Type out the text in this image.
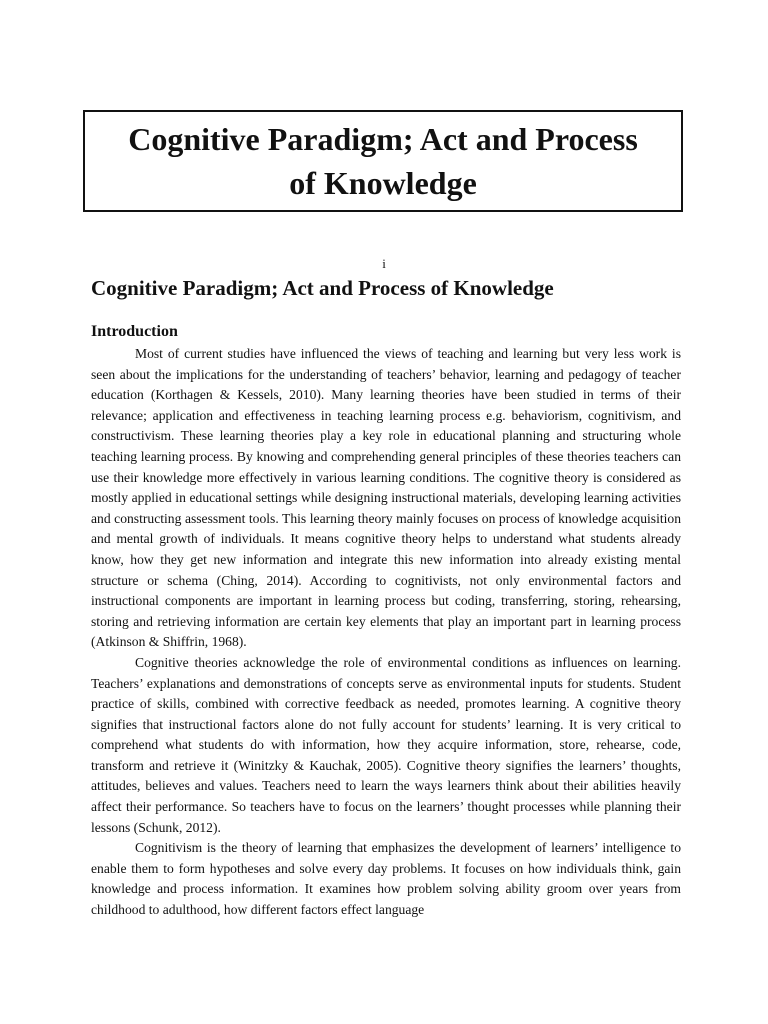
Cognitive Paradigm; Act and Process
of Knowledge
i
Cognitive Paradigm; Act and Process of Knowledge
Introduction

Most of current studies have influenced the views of teaching and learning but very less work is seen about the implications for the understanding of teachers’ behavior, learning and pedagogy of teacher education (Korthagen & Kessels, 2010). Many learning theories have been studied in terms of their relevance; application and effectiveness in teaching learning process e.g. behaviorism, cognitivism, and constructivism. These learning theories play a key role in educational planning and structuring whole teaching learning process. By knowing and comprehending general principles of these theories teachers can use their knowledge more effectively in various learning conditions. The cognitive theory is considered as mostly applied in educational settings while designing instructional materials, developing learning activities and constructing assessment tools. This learning theory mainly focuses on process of knowledge acquisition and mental growth of individuals. It means cognitive theory helps to understand what students already know, how they get new information and integrate this new information into already existing mental structure or schema (Ching, 2014). According to cognitivists, not only environmental factors and instructional components are important in learning process but coding, transferring, storing, rehearsing, storing and retrieving information are certain key elements that play an important part in learning process (Atkinson & Shiffrin, 1968).

Cognitive theories acknowledge the role of environmental conditions as influences on learning. Teachers’ explanations and demonstrations of concepts serve as environmental inputs for students. Student practice of skills, combined with corrective feedback as needed, promotes learning. A cognitive theory signifies that instructional factors alone do not fully account for students’ learning. It is very critical to comprehend what students do with information, how they acquire information, store, rehearse, code, transform and retrieve it (Winitzky & Kauchak, 2005). Cognitive theory signifies the learners’ thoughts, attitudes, believes and values. Teachers need to learn the ways learners think about their abilities heavily affect their performance. So teachers have to focus on the learners’ thought processes while planning their lessons (Schunk, 2012).

Cognitivism is the theory of learning that emphasizes the development of learners’ intelligence to enable them to form hypotheses and solve every day problems. It focuses on how individuals think, gain knowledge and process information. It examines how problem solving ability groom over years from childhood to adulthood, how different factors effect language
